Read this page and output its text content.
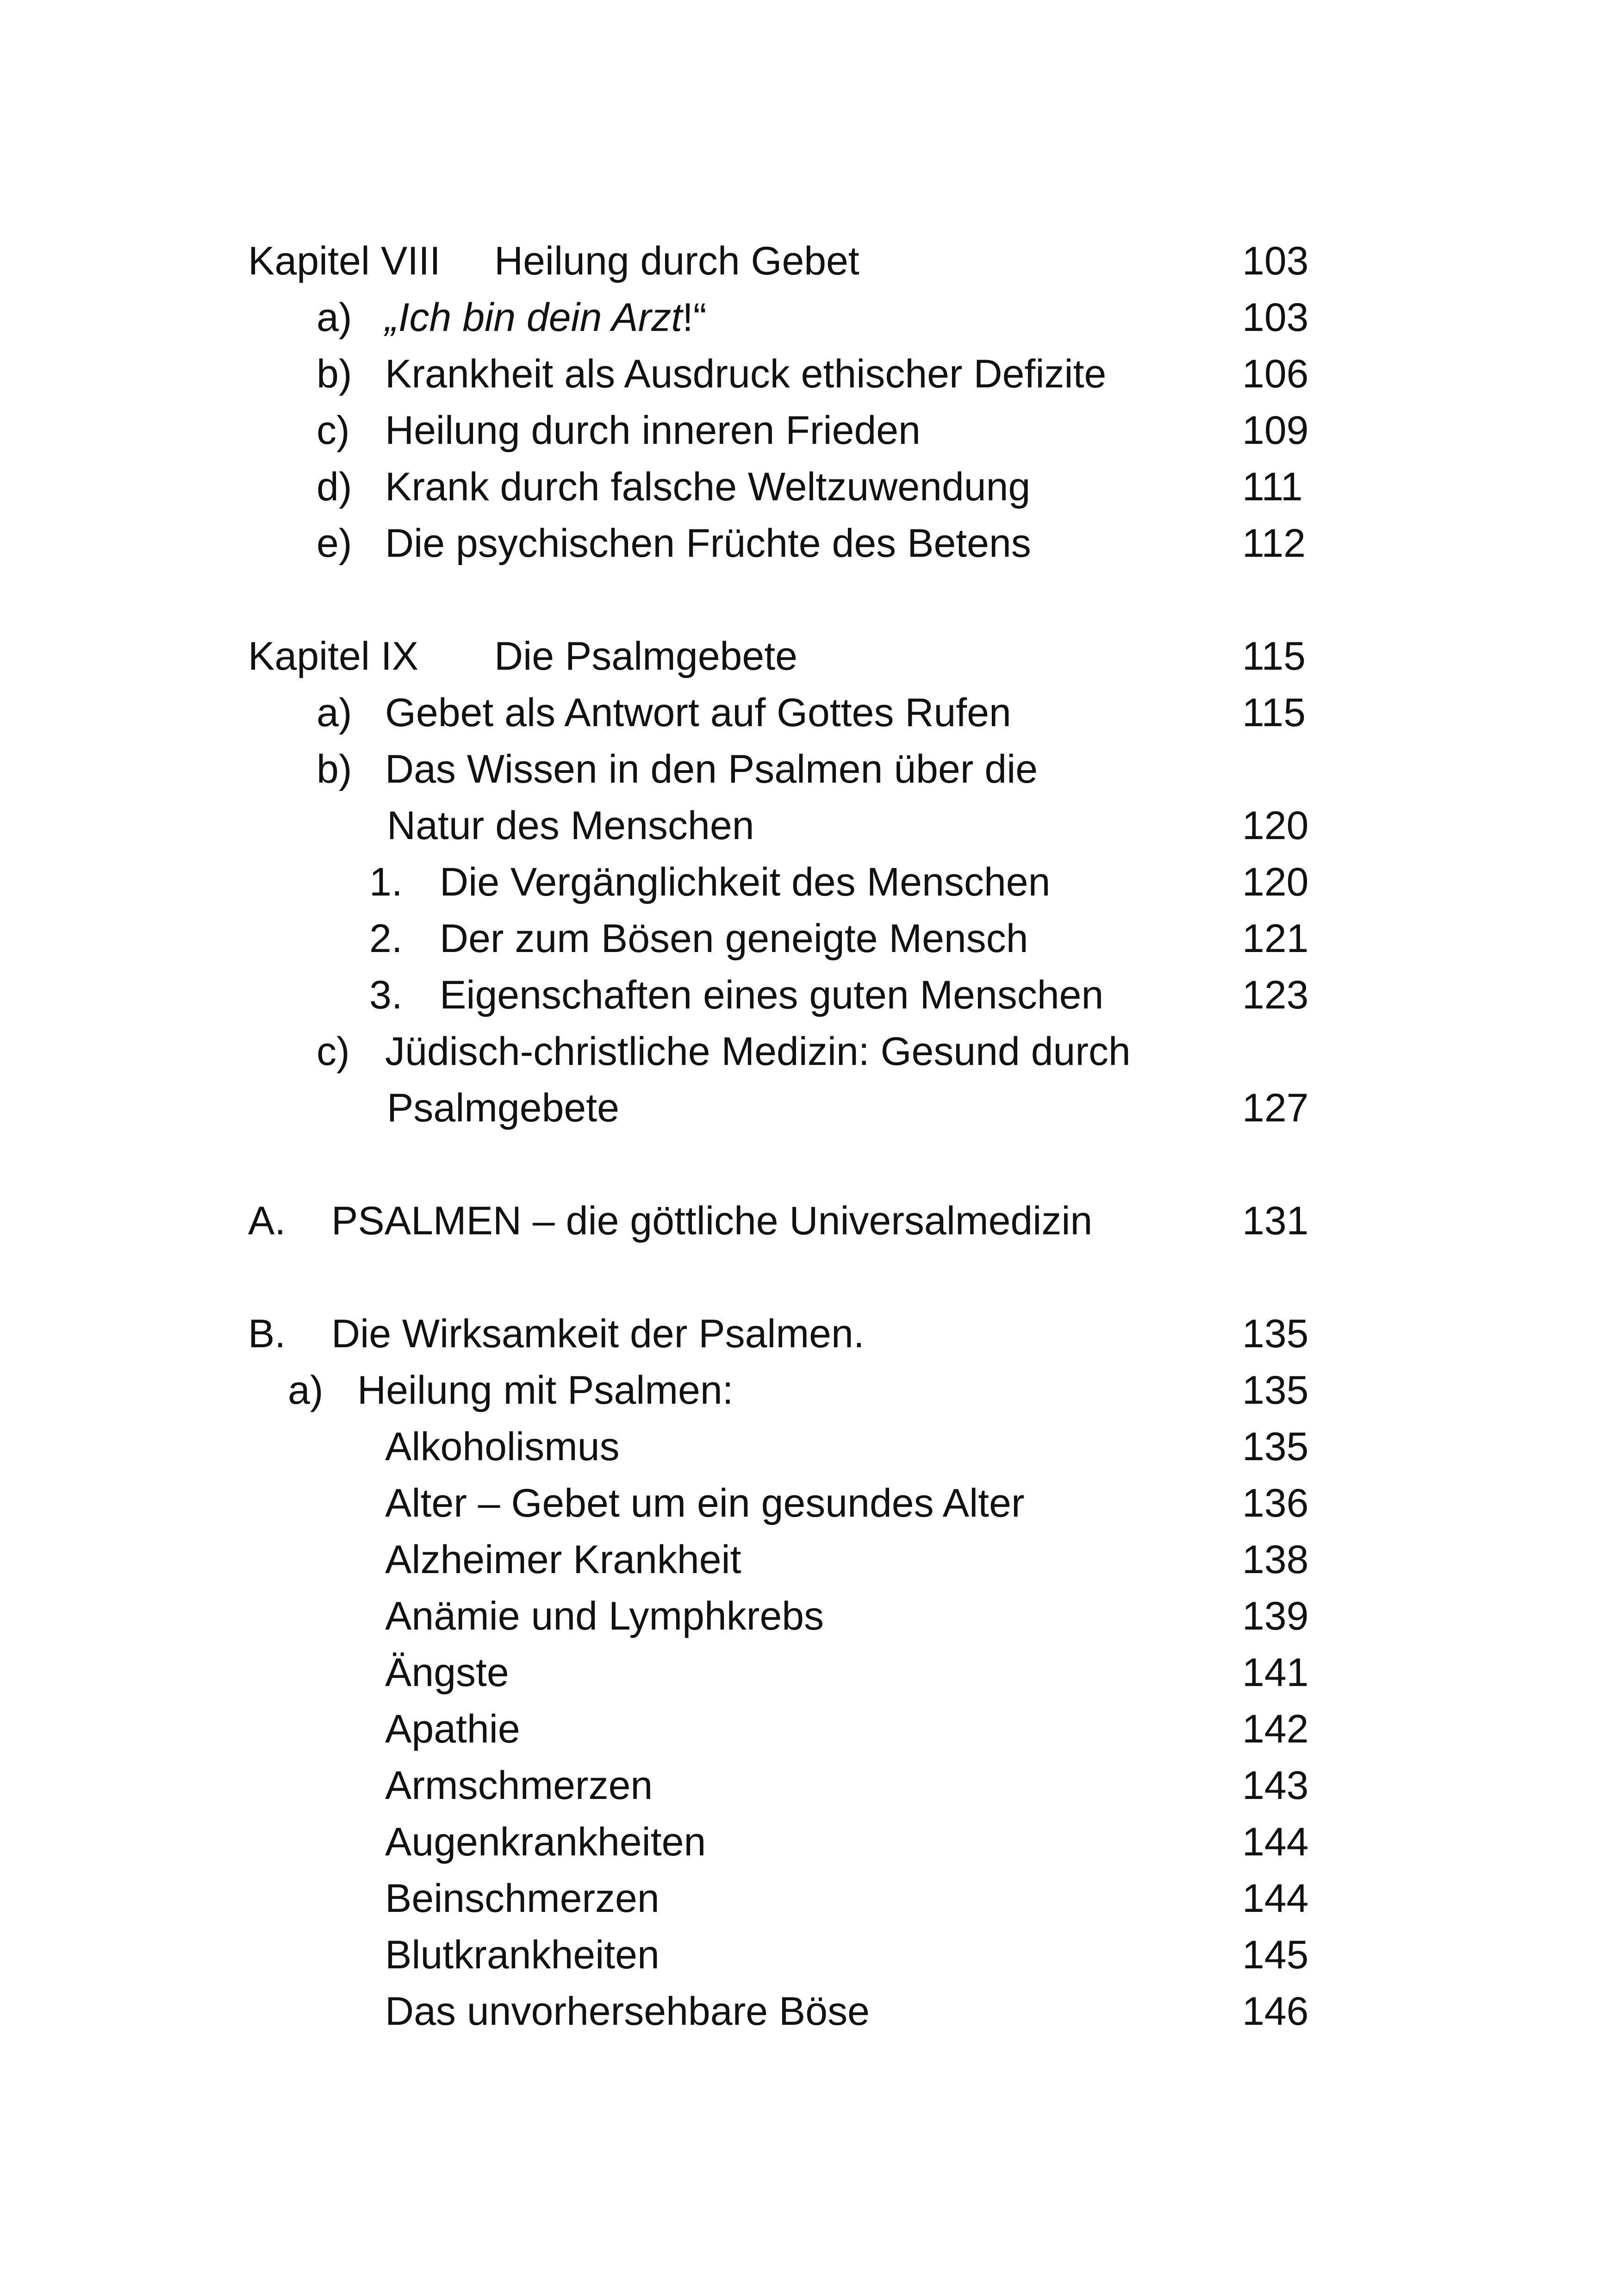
Kapitel VIII Heilung durch Gebet	103
a) „Ich bin dein Arzt!“	103
b) Krankheit als Ausdruck ethischer Defizite	106
c) Heilung durch inneren Frieden	109
d) Krank durch falsche Weltzuwendung	111
e) Die psychischen Früchte des Betens	112
Kapitel IX Die Psalmgebete	115
a) Gebet als Antwort auf Gottes Rufen	115
b) Das Wissen in den Psalmen über die
Natur des Menschen	120
1. Die Vergänglichkeit des Menschen	120
2. Der zum Bösen geneigte Mensch	121
3. Eigenschaften eines guten Menschen	123
c) Jüdisch-christliche Medizin: Gesund durch
Psalmgebete	127
A. PSALMEN – die göttliche Universalmedizin	131
B. Die Wirksamkeit der Psalmen.	135
a) Heilung mit Psalmen:	135
Alkoholismus	135
Alter – Gebet um ein gesundes Alter	136
Alzheimer Krankheit	138
Anämie und Lymphkrebs	139
Ängste	141
Apathie	142
Armschmerzen	143
Augenkrankheiten	144
Beinschmerzen	144
Blutkrankheiten	145
Das unvorhersehbare Böse	146
